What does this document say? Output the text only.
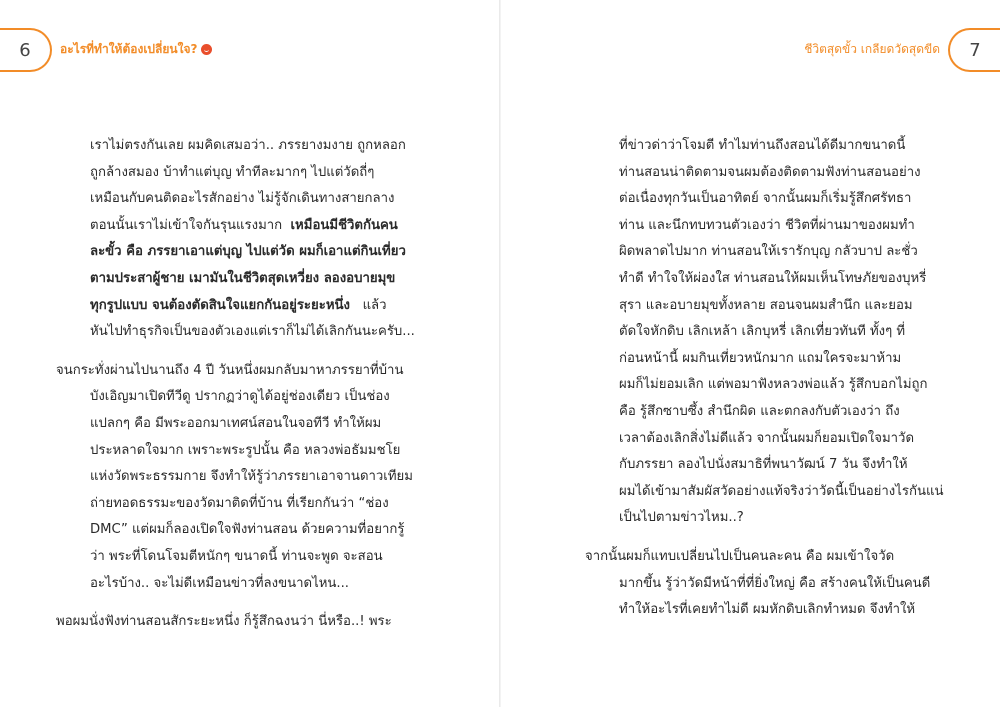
6	อะไรที่ทำให้ต้องเปลี่ยนใจ?	ชีวิตสุดขั้ว เกลียดวัดสุดขีด	7
เราไม่ตรงกันเลย ผมคิดเสมอว่า.. ภรรยางมงาย ถูกหลอก
ถูกล้างสมอง บ้าทำแต่บุญ ทำทีละมากๆ ไปแต่วัดถี่ๆ
เหมือนกับคนติดอะไรสักอย่าง ไม่รู้จักเดินทางสายกลาง
ตอนนั้นเราไม่เข้าใจกันรุนแรงมาก เหมือนมีชีวิตกันคน
ละขั้ว คือ ภรรยาเอาแต่บุญ ไปแต่วัด ผมก็เอาแต่กินเที่ยว
ตามประสาผู้ชาย เมามันในชีวิตสุดเหวี่ยง ลองอบายมุข
ทุกรูปแบบ จนต้องตัดสินใจแยกกันอยู่ระยะหนึ่ง แล้ว
หันไปทำธุรกิจเป็นของตัวเองแต่เราก็ไม่ได้เลิกกันนะครับ...
จนกระทั่งผ่านไปนานถึง 4 ปี วันหนึ่งผมกลับมาหาภรรยาที่บ้าน
บังเอิญมาเปิดทีวีดู ปรากฏว่าดูได้อยู่ช่องเดียว เป็นช่อง
แปลกๆ คือ มีพระออกมาเทศน์สอนในจอทีวี ทำให้ผม
ประหลาดใจมาก เพราะพระรูปนั้น คือ หลวงพ่อธัมมชโย
แห่งวัดพระธรรมกาย จึงทำให้รู้ว่าภรรยาเอาจานดาวเทียม
ถ่ายทอดธรรมะของวัดมาติดที่บ้าน ที่เรียกกันว่า “ช่อง
DMC” แต่ผมก็ลองเปิดใจฟังท่านสอน ด้วยความที่อยากรู้
ว่า พระที่โดนโจมตีหนักๆ ขนาดนี้ ท่านจะพูด จะสอน
อะไรบ้าง.. จะไม่ดีเหมือนข่าวที่ลงขนาดไหน...
พอผมนั่งฟังท่านสอนสักระยะหนึ่ง ก็รู้สึกฉงนว่า นี่หรือ..! พระ
ที่ข่าวด่าว่าโจมตี ทำไมท่านถึงสอนได้ดีมากขนาดนี้
ท่านสอนน่าติดตามจนผมต้องติดตามฟังท่านสอนอย่าง
ต่อเนื่องทุกวันเป็นอาทิตย์ จากนั้นผมก็เริ่มรู้สึกศรัทธา
ท่าน และนึกทบทวนตัวเองว่า ชีวิตที่ผ่านมาของผมทำ
ผิดพลาดไปมาก ท่านสอนให้เรารักบุญ กลัวบาป ละชั่ว
ทำดี ทำใจให้ผ่องใส ท่านสอนให้ผมเห็นโทษภัยของบุหรี่
สุรา และอบายมุขทั้งหลาย สอนจนผมสำนึก และยอม
ตัดใจหักดิบ เลิกเหล้า เลิกบุหรี่ เลิกเที่ยวทันที ทั้งๆ ที่
ก่อนหน้านี้ ผมกินเที่ยวหนักมาก แถมใครจะมาห้าม
ผมก็ไม่ยอมเลิก แต่พอมาฟังหลวงพ่อแล้ว รู้สึกบอกไม่ถูก
คือ รู้สึกซาบซึ้ง สำนึกผิด และตกลงกับตัวเองว่า ถึง
เวลาต้องเลิกสิ่งไม่ดีแล้ว จากนั้นผมก็ยอมเปิดใจมาวัด
กับภรรยา ลองไปนั่งสมาธิที่พนาวัฒน์ 7 วัน จึงทำให้
ผมได้เข้ามาสัมผัสวัดอย่างแท้จริงว่าวัดนี้เป็นอย่างไรกันแน่
เป็นไปตามข่าวไหม..?
จากนั้นผมก็แทบเปลี่ยนไปเป็นคนละคน คือ ผมเข้าใจวัด
มากขึ้น รู้ว่าวัดมีหน้าที่ที่ยิ่งใหญ่ คือ สร้างคนให้เป็นคนดี
ทำให้อะไรที่เคยทำไม่ดี ผมหักดิบเลิกทำหมด จึงทำให้
